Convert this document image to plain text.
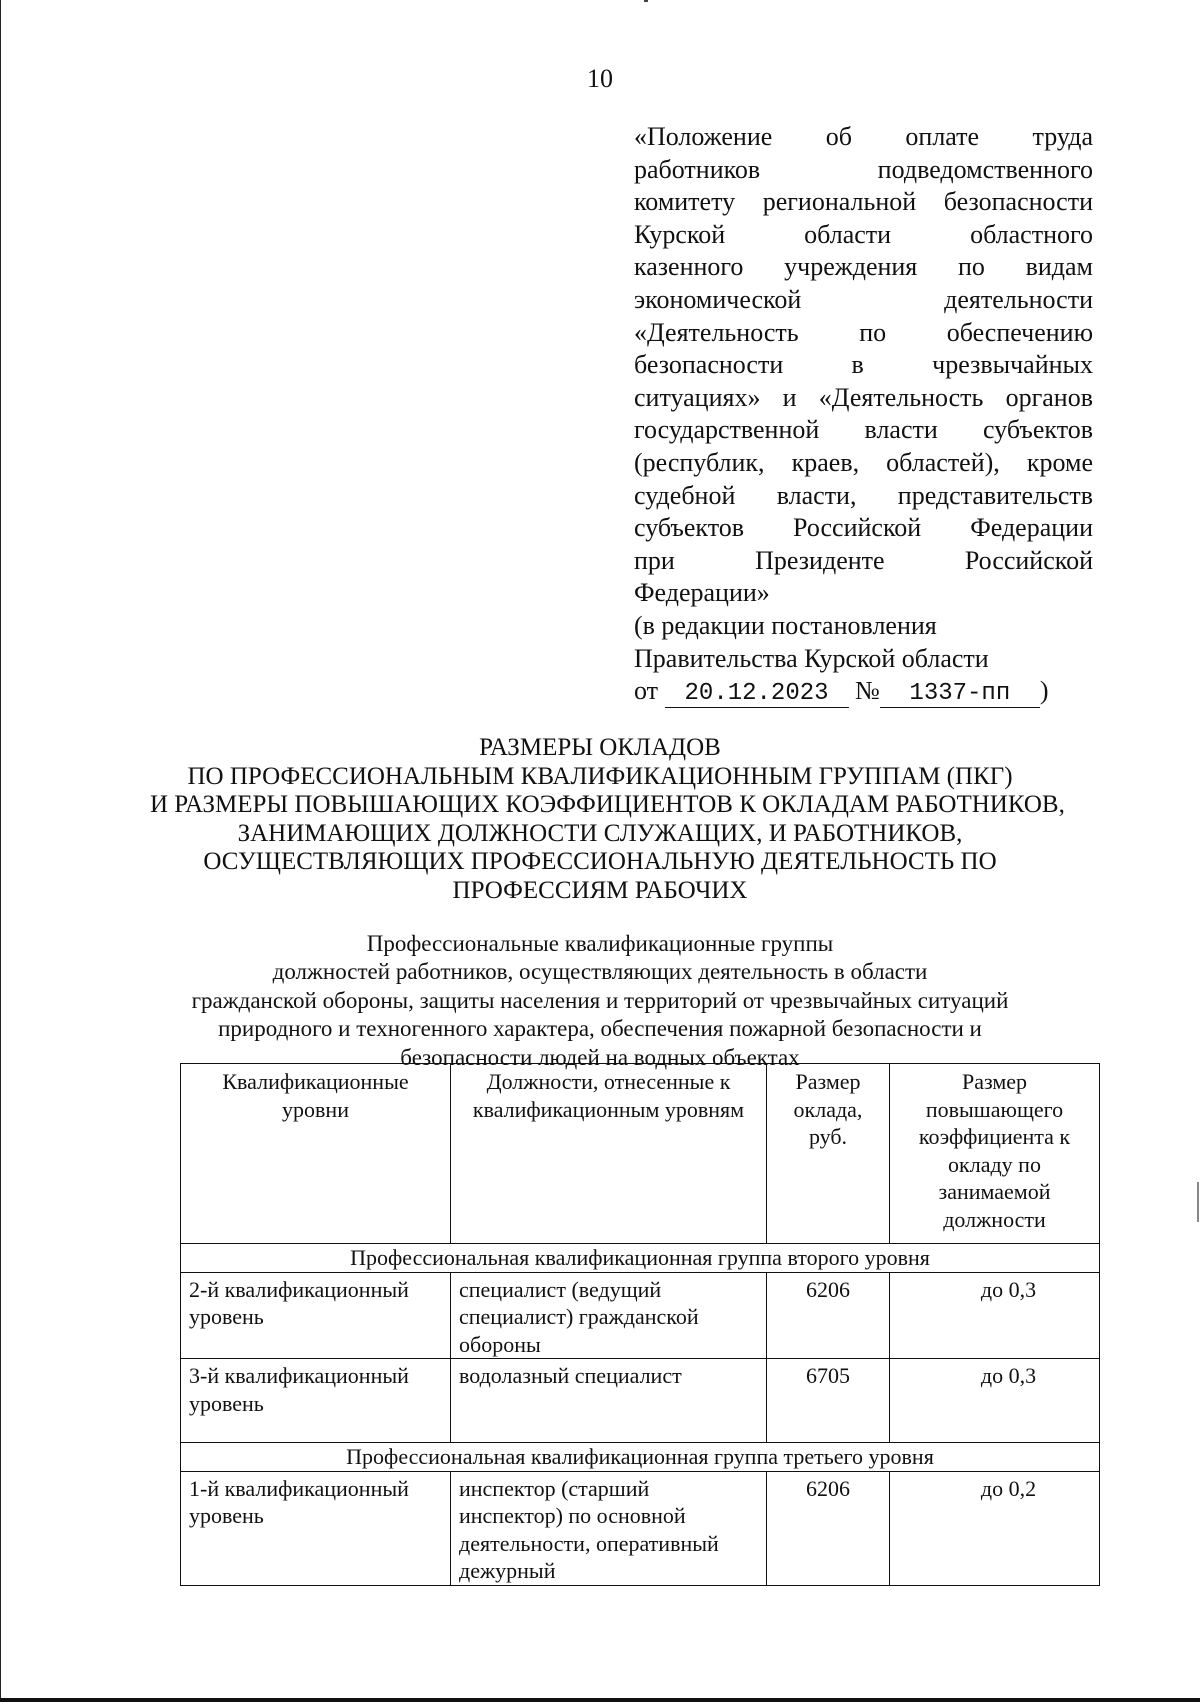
10
«Положение об оплате труда
работников подведомственного
комитету региональной безопасности
Курской области областного
казенного учреждения по видам
экономической деятельности
«Деятельность по обеспечению
безопасности в чрезвычайных
ситуациях» и «Деятельность органов
государственной власти субъектов
(республик, краев, областей), кроме
судебной власти, представительств
субъектов Российской Федерации
при Президенте Российской
Федерации»
(в редакции постановления
Правительства Курской области
от 20.12.2023 № 1337-пп )
РАЗМЕРЫ ОКЛАДОВ
ПО ПРОФЕССИОНАЛЬНЫМ КВАЛИФИКАЦИОННЫМ ГРУППАМ (ПКГ)
И РАЗМЕРЫ ПОВЫШАЮЩИХ КОЭФФИЦИЕНТОВ К ОКЛАДАМ РАБОТНИКОВ,
ЗАНИМАЮЩИХ ДОЛЖНОСТИ СЛУЖАЩИХ, И РАБОТНИКОВ,
ОСУЩЕСТВЛЯЮЩИХ ПРОФЕССИОНАЛЬНУЮ ДЕЯТЕЛЬНОСТЬ ПО
ПРОФЕССИЯМ РАБОЧИХ
Профессиональные квалификационные группы
должностей работников, осуществляющих деятельность в области
гражданской обороны, защиты населения и территорий от чрезвычайных ситуаций
природного и техногенного характера, обеспечения пожарной безопасности и
безопасности людей на водных объектах
Квалификационные уровни	Должности, отнесенные к квалификационным уровням	Размер оклада, руб.	Размер повышающего коэффициента к окладу по занимаемой должности
Профессиональная квалификационная группа второго уровня			
2-й квалификационный уровень	специалист (ведущий специалист) гражданской обороны	6206	до 0,3
3-й квалификационный уровень	водолазный специалист	6705	до 0,3
Профессиональная квалификационная группа третьего уровня			
1-й квалификационный уровень	инспектор (старший инспектор) по основной деятельности, оперативный дежурный	6206	до 0,2
